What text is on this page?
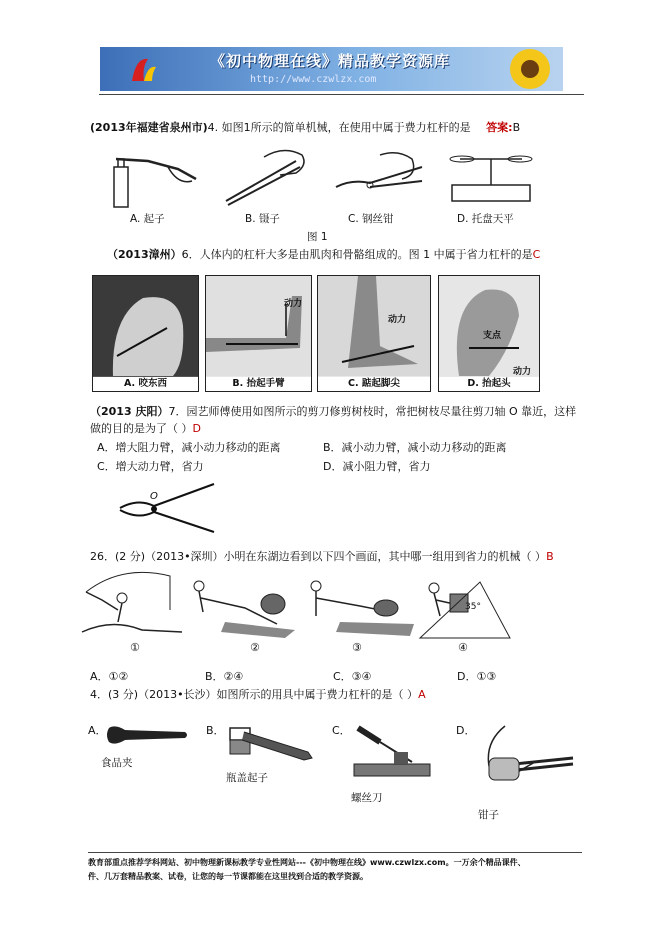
《初中物理在线》精品教学资源库
http://www.czwlzx.com
(2013年福建省泉州市)4. 如图1所示的简单机械，在使用中属于费力杠杆的是 答案:B
A. 起子	B. 镊子	C. 钢丝钳	D. 托盘天平
图 1
（2013漳州）6．人体内的杠杆大多是由肌肉和骨骼组成的。图 1 中属于省力杠杆的是C
A. 咬东西
动力
B. 抬起手臂
动力
C. 踮起脚尖
支点
动力
D. 抬起头
（2013 庆阳）7．园艺师傅使用如图所示的剪刀修剪树枝时，常把树枝尽量往剪刀轴 O 靠近，这样
做的目的是为了（ ）D
A．增大阻力臂，减小动力移动的距离	B．减小动力臂，减小动力移动的距离
C．增大动力臂，省力	D．减小阻力臂，省力
O
26．(2 分)（2013•深圳）小明在东湖边看到以下四个画面，其中哪一组用到省力的机械（ ）B
35°
①	②	③	④
A．①②	B．②④	C．③④	D．①③
4．(3 分)（2013•长沙）如图所示的用具中属于费力杠杆的是（ ）A
A．	B．	C．	D．
食品夹
瓶盖起子
螺丝刀
钳子
教育部重点推荐学科网站、初中物理新课标教学专业性网站---《初中物理在线》www.czwlzx.com。一万余个精品课件、
件、几万套精品教案、试卷，让您的每一节课都能在这里找到合适的教学资源。
